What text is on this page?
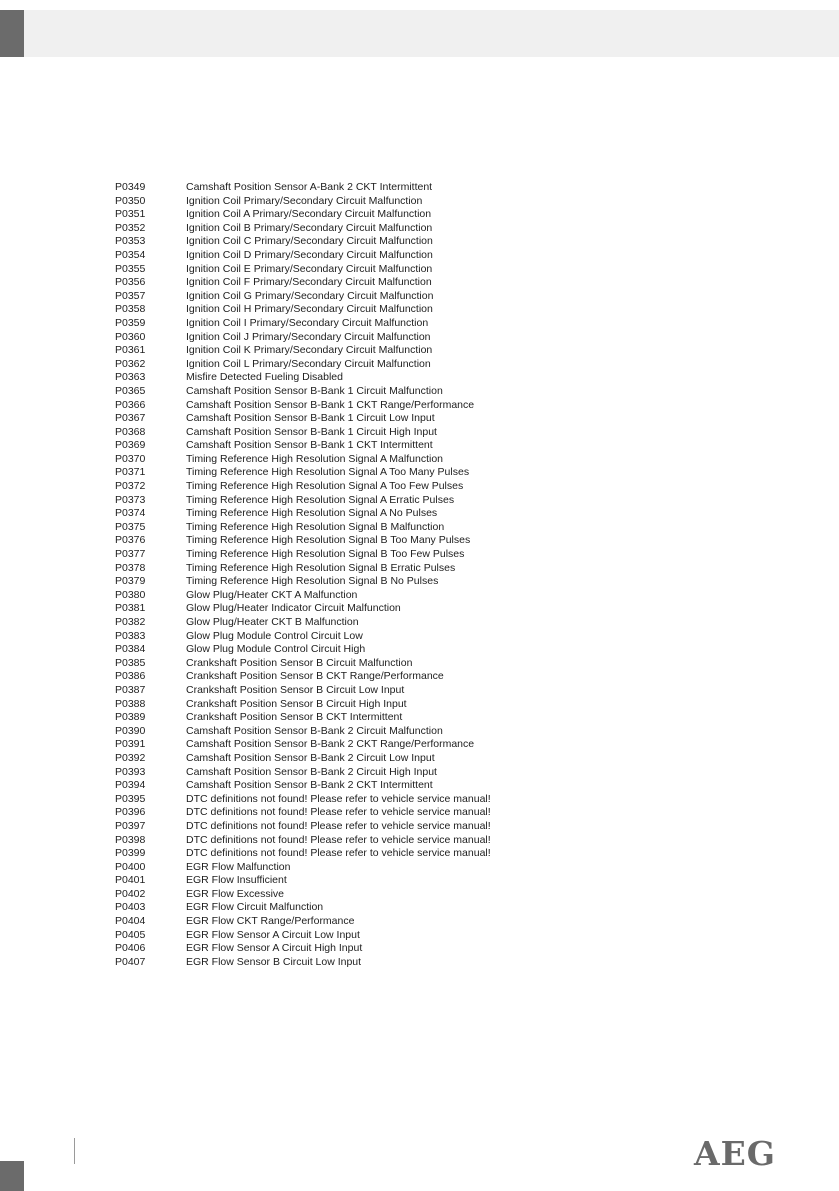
P0349	Camshaft Position Sensor A-Bank 2 CKT Intermittent
P0350	Ignition Coil Primary/Secondary Circuit Malfunction
P0351	Ignition Coil A Primary/Secondary Circuit Malfunction
P0352	Ignition Coil B Primary/Secondary Circuit Malfunction
P0353	Ignition Coil C Primary/Secondary Circuit Malfunction
P0354	Ignition Coil D Primary/Secondary Circuit Malfunction
P0355	Ignition Coil E Primary/Secondary Circuit Malfunction
P0356	Ignition Coil F Primary/Secondary Circuit Malfunction
P0357	Ignition Coil G Primary/Secondary Circuit Malfunction
P0358	Ignition Coil H Primary/Secondary Circuit Malfunction
P0359	Ignition Coil I Primary/Secondary Circuit Malfunction
P0360	Ignition Coil J Primary/Secondary Circuit Malfunction
P0361	Ignition Coil K Primary/Secondary Circuit Malfunction
P0362	Ignition Coil L Primary/Secondary Circuit Malfunction
P0363	Misfire Detected Fueling Disabled
P0365	Camshaft Position Sensor B-Bank 1 Circuit Malfunction
P0366	Camshaft Position Sensor B-Bank 1 CKT Range/Performance
P0367	Camshaft Position Sensor B-Bank 1 Circuit Low Input
P0368	Camshaft Position Sensor B-Bank 1 Circuit High Input
P0369	Camshaft Position Sensor B-Bank 1 CKT Intermittent
P0370	Timing Reference High Resolution Signal A Malfunction
P0371	Timing Reference High Resolution Signal A Too Many Pulses
P0372	Timing Reference High Resolution Signal A Too Few Pulses
P0373	Timing Reference High Resolution Signal A Erratic Pulses
P0374	Timing Reference High Resolution Signal A No Pulses
P0375	Timing Reference High Resolution Signal B Malfunction
P0376	Timing Reference High Resolution Signal B Too Many Pulses
P0377	Timing Reference High Resolution Signal B Too Few Pulses
P0378	Timing Reference High Resolution Signal B Erratic Pulses
P0379	Timing Reference High Resolution Signal B No Pulses
P0380	Glow Plug/Heater CKT A Malfunction
P0381	Glow Plug/Heater Indicator Circuit Malfunction
P0382	Glow Plug/Heater CKT B Malfunction
P0383	Glow Plug Module Control Circuit Low
P0384	Glow Plug Module Control Circuit High
P0385	Crankshaft Position Sensor B Circuit Malfunction
P0386	Crankshaft Position Sensor B CKT Range/Performance
P0387	Crankshaft Position Sensor B Circuit Low Input
P0388	Crankshaft Position Sensor B Circuit High Input
P0389	Crankshaft Position Sensor B CKT Intermittent
P0390	Camshaft Position Sensor B-Bank 2 Circuit Malfunction
P0391	Camshaft Position Sensor B-Bank 2 CKT Range/Performance
P0392	Camshaft Position Sensor B-Bank 2 Circuit Low Input
P0393	Camshaft Position Sensor B-Bank 2 Circuit High Input
P0394	Camshaft Position Sensor B-Bank 2 CKT Intermittent
P0395	DTC definitions not found! Please refer to vehicle service manual!
P0396	DTC definitions not found! Please refer to vehicle service manual!
P0397	DTC definitions not found! Please refer to vehicle service manual!
P0398	DTC definitions not found! Please refer to vehicle service manual!
P0399	DTC definitions not found! Please refer to vehicle service manual!
P0400	EGR Flow Malfunction
P0401	EGR Flow Insufficient
P0402	EGR Flow Excessive
P0403	EGR Flow Circuit Malfunction
P0404	EGR Flow CKT Range/Performance
P0405	EGR Flow Sensor A Circuit Low Input
P0406	EGR Flow Sensor A Circuit High Input
P0407	EGR Flow Sensor B Circuit Low Input
AEG
